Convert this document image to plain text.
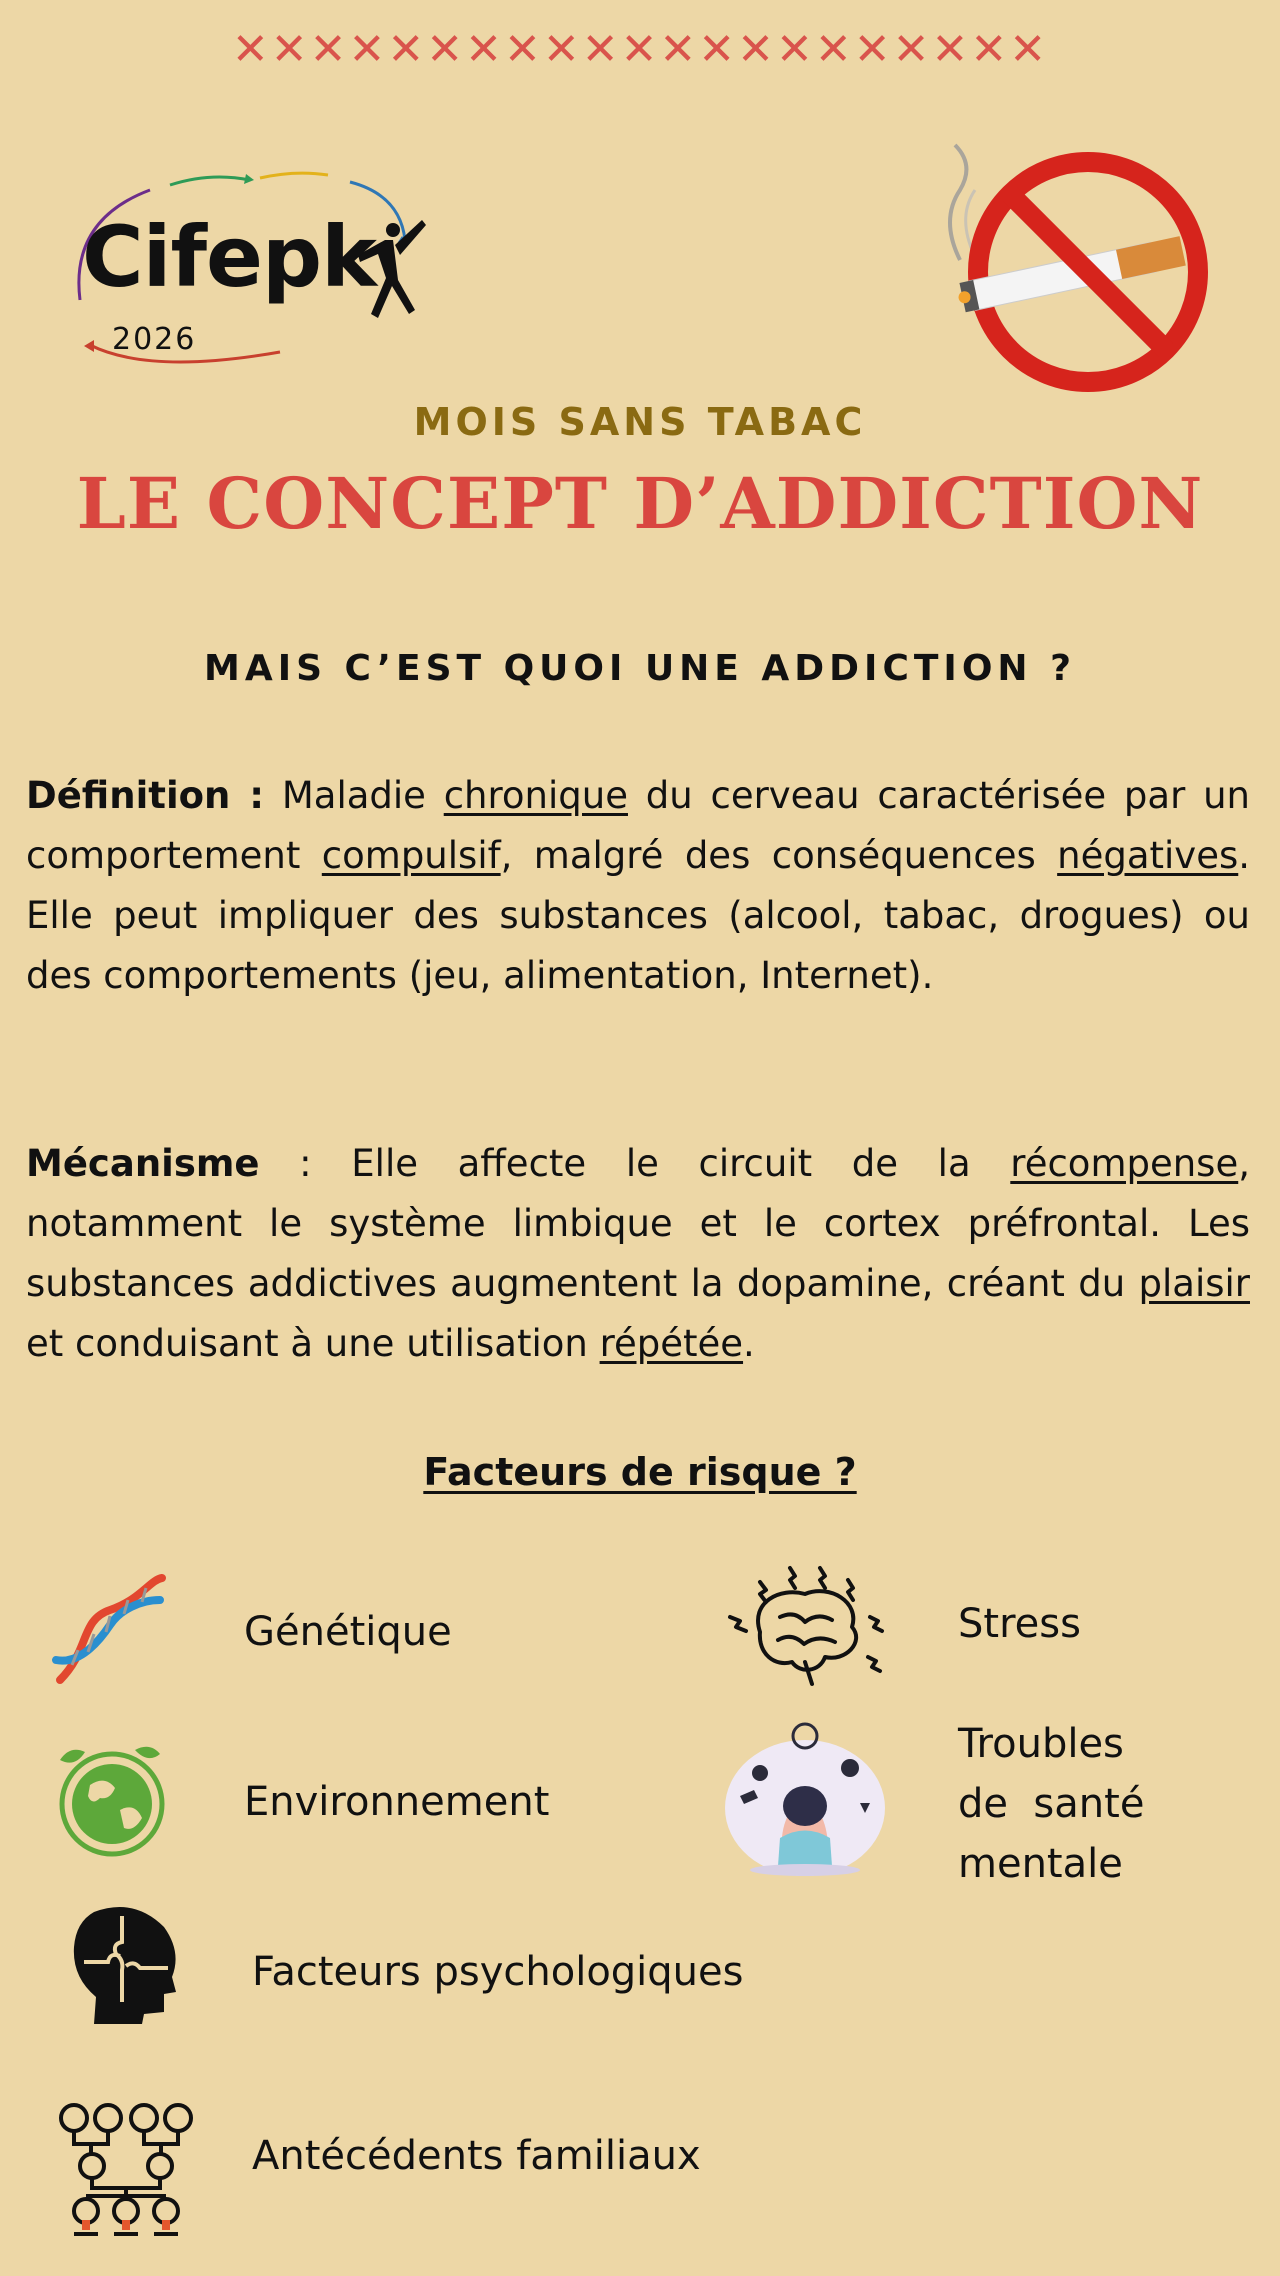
✕✕✕✕✕✕✕✕✕✕✕✕✕✕✕✕✕✕✕✕✕
Cifepk
2026
MOIS SANS TABAC
LE CONCEPT D’ADDICTION
MAIS C’EST QUOI UNE ADDICTION ?
Définition : Maladie chronique du cerveau caractérisée par un comportement compulsif, malgré des conséquences négatives. Elle peut impliquer des substances (alcool, tabac, drogues) ou des comportements (jeu, alimentation, Internet).
Mécanisme : Elle affecte le circuit de la récompense, notamment le système limbique et le cortex préfrontal. Les substances addictives augmentent la dopamine, créant du plaisir et conduisant à une utilisation répétée.
Facteurs de risque ?
Génétique	Stress
Environnement
Troubles
de  santé
mentale
Facteurs psychologiques
Antécédents familiaux
